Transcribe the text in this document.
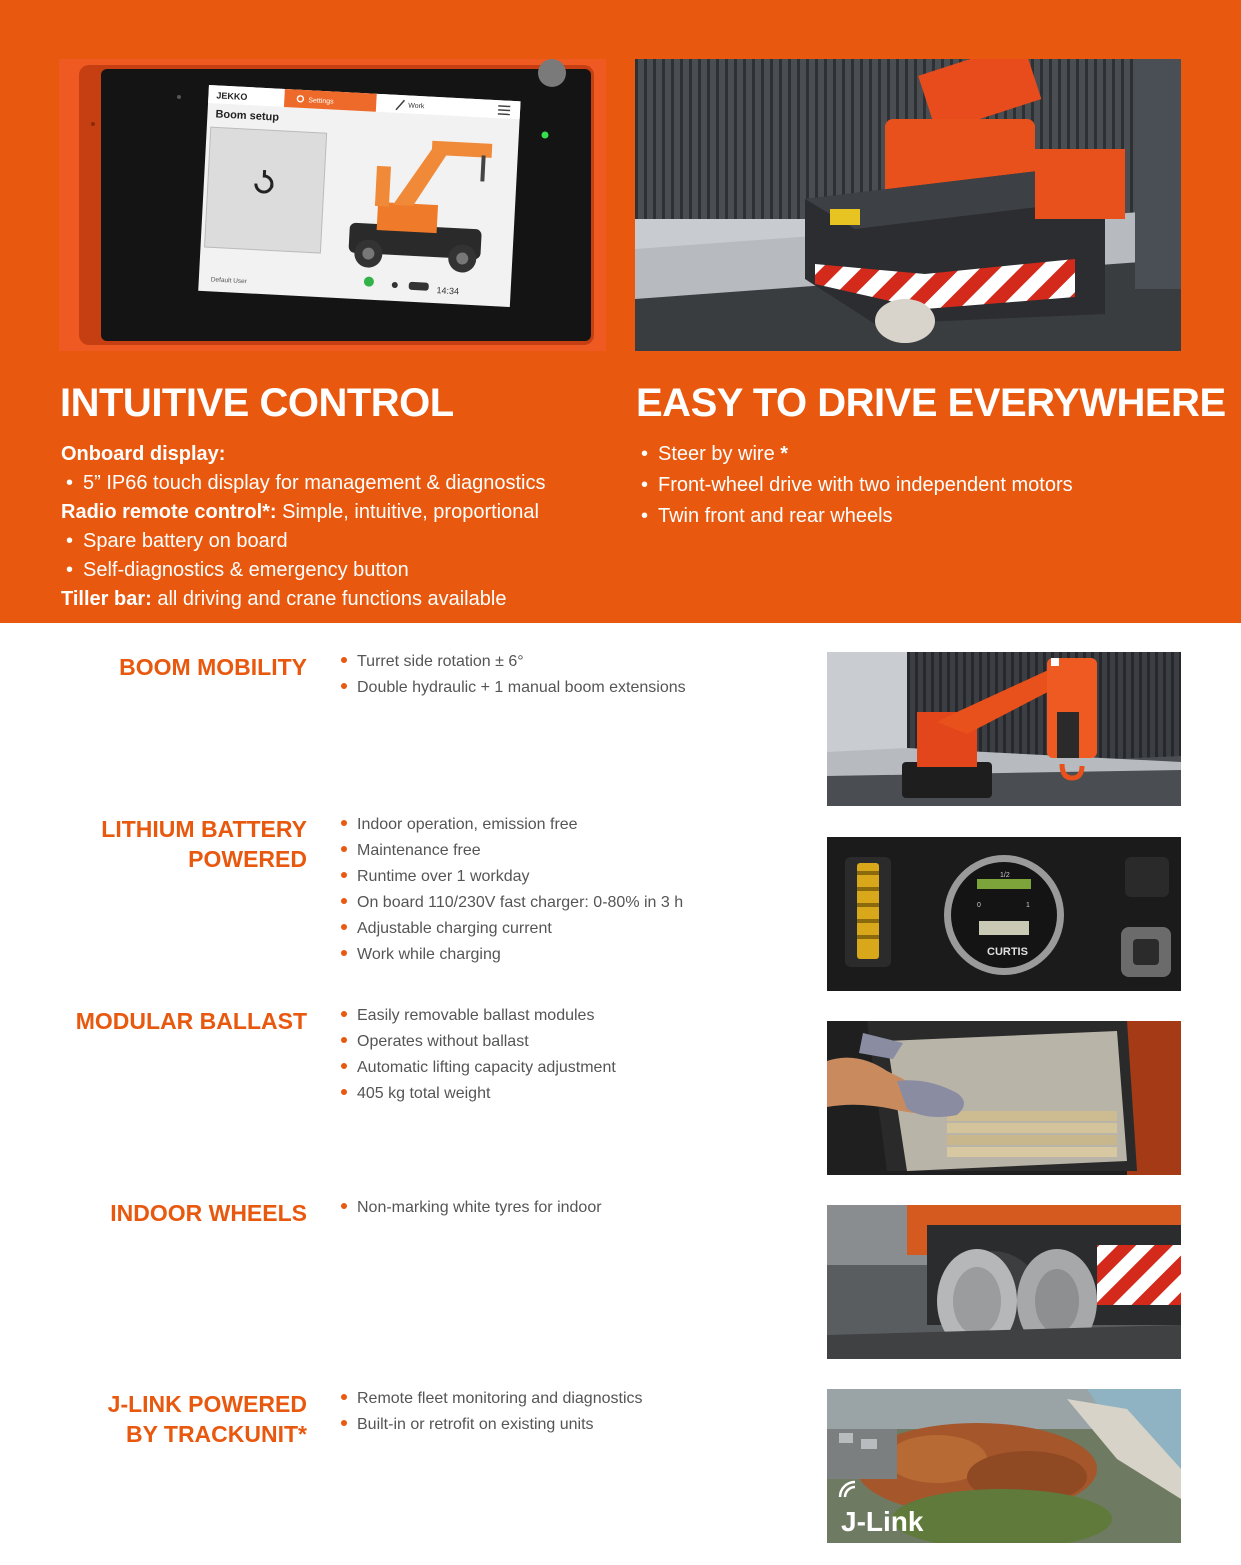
JEKKO	Settings
Work
Boom setup
0
Default User
14:34
INTUITIVE CONTROL	EASY TO DRIVE EVERYWHERE
Onboard display:
• 5” IP66 touch display for management & diagnostics
Radio remote control*: Simple, intuitive, proportional
• Spare battery on board
• Self-diagnostics & emergency button
Tiller bar: all driving and crane functions available
• Steer by wire *
• Front-wheel drive with two independent motors
• Twin front and rear wheels
BOOM MOBILITY	Turret side rotation ± 6°
Double hydraulic + 1 manual boom extensions
LITHIUM BATTERY
POWERED
Indoor operation, emission free
Maintenance free
Runtime over 1 workday
On board 110/230V fast charger: 0-80% in 3 h
Adjustable charging current
Work while charging
1/2
0	1
CURTIS
MODULAR BALLAST	Easily removable ballast modules
Operates without ballast
Automatic lifting capacity adjustment
405 kg total weight
INDOOR WHEELS	Non-marking white tyres for indoor
J-LINK POWERED
BY TRACKUNIT*
Remote fleet monitoring and diagnostics
Built-in or retrofit on existing units
J-Link
